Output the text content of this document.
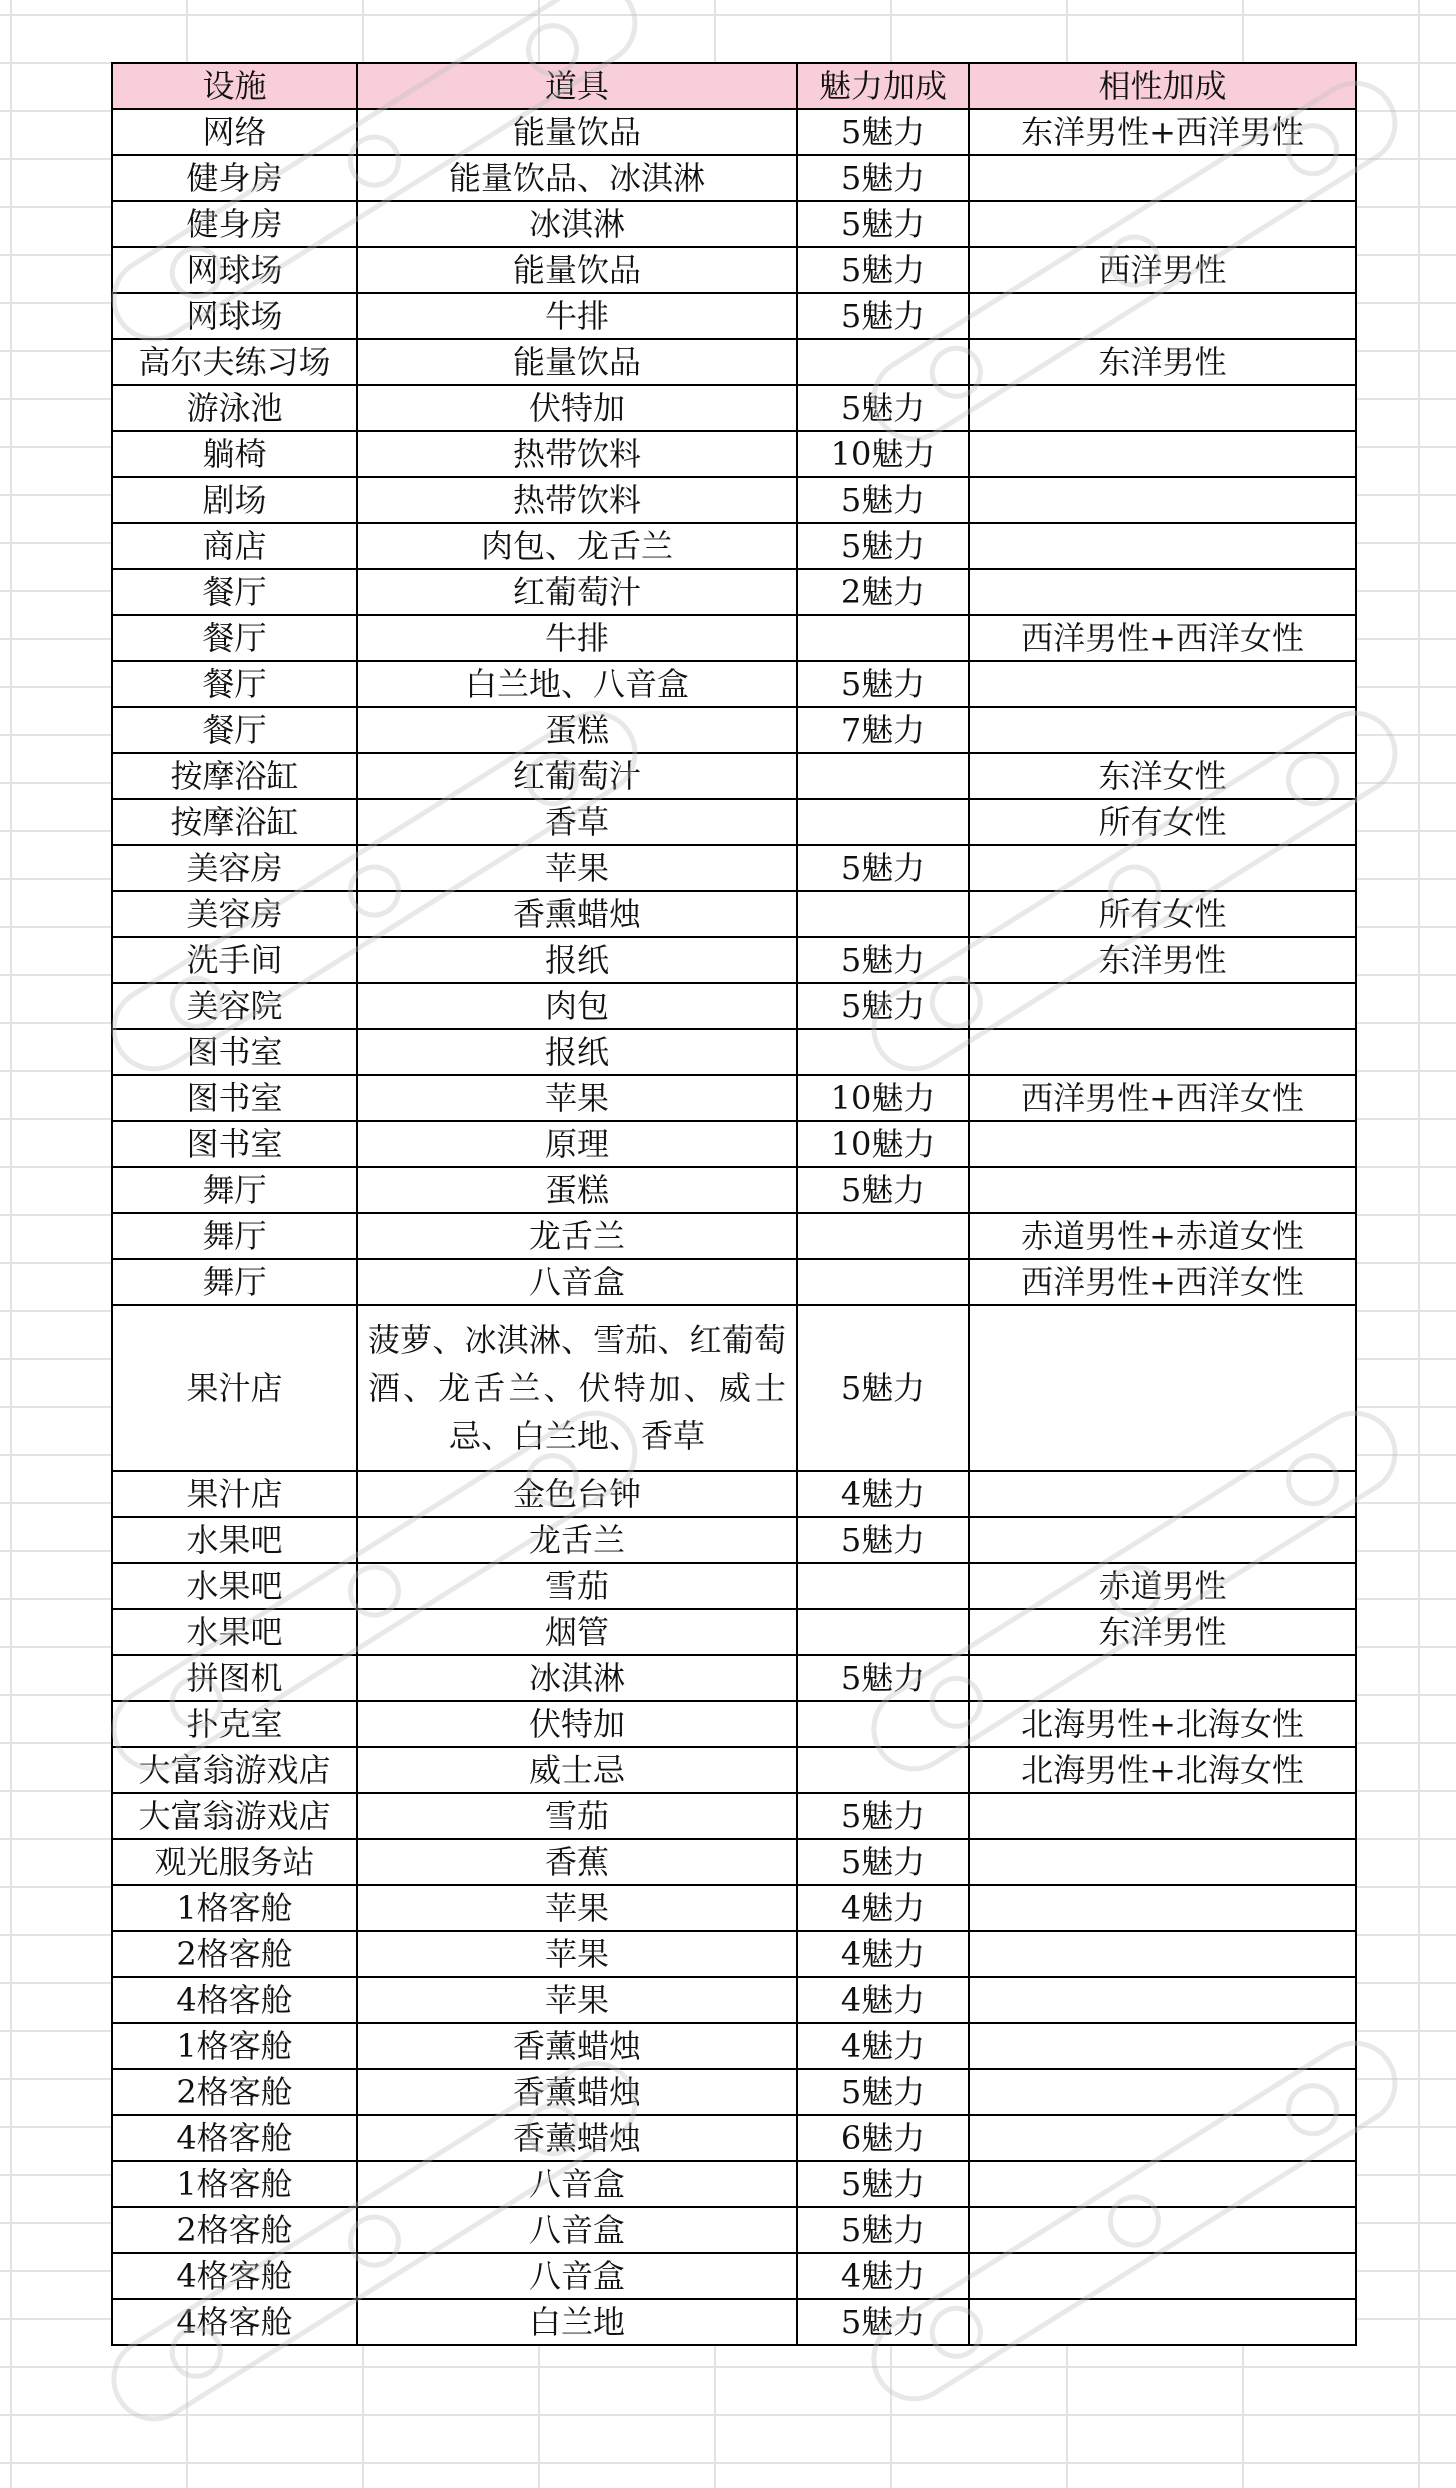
设施	道具	魅力加成	相性加成
网络	能量饮品	5魅力	东洋男性+西洋男性
健身房	能量饮品、冰淇淋	5魅力	
健身房	冰淇淋	5魅力	
网球场	能量饮品	5魅力	西洋男性
网球场	牛排	5魅力	
高尔夫练习场	能量饮品		东洋男性
游泳池	伏特加	5魅力	
躺椅	热带饮料	10魅力	
剧场	热带饮料	5魅力	
商店	肉包、龙舌兰	5魅力	
餐厅	红葡萄汁	2魅力	
餐厅	牛排		西洋男性+西洋女性
餐厅	白兰地、八音盒	5魅力	
餐厅	蛋糕	7魅力	
按摩浴缸	红葡萄汁		东洋女性
按摩浴缸	香草		所有女性
美容房	苹果	5魅力	
美容房	香熏蜡烛		所有女性
洗手间	报纸	5魅力	东洋男性
美容院	肉包	5魅力	
图书室	报纸		
图书室	苹果	10魅力	西洋男性+西洋女性
图书室	原理	10魅力	
舞厅	蛋糕	5魅力	
舞厅	龙舌兰		赤道男性+赤道女性
舞厅	八音盒		西洋男性+西洋女性
果汁店	菠萝、冰淇淋、雪茄、红葡萄酒、龙舌兰、伏特加、威士忌、白兰地、香草	5魅力	
果汁店	金色台钟	4魅力	
水果吧	龙舌兰	5魅力	
水果吧	雪茄		赤道男性
水果吧	烟管		东洋男性
拼图机	冰淇淋	5魅力	
扑克室	伏特加		北海男性+北海女性
大富翁游戏店	威士忌		北海男性+北海女性
大富翁游戏店	雪茄	5魅力	
观光服务站	香蕉	5魅力	
1格客舱	苹果	4魅力	
2格客舱	苹果	4魅力	
4格客舱	苹果	4魅力	
1格客舱	香薰蜡烛	4魅力	
2格客舱	香薰蜡烛	5魅力	
4格客舱	香薰蜡烛	6魅力	
1格客舱	八音盒	5魅力	
2格客舱	八音盒	5魅力	
4格客舱	八音盒	4魅力	
4格客舱	白兰地	5魅力	
